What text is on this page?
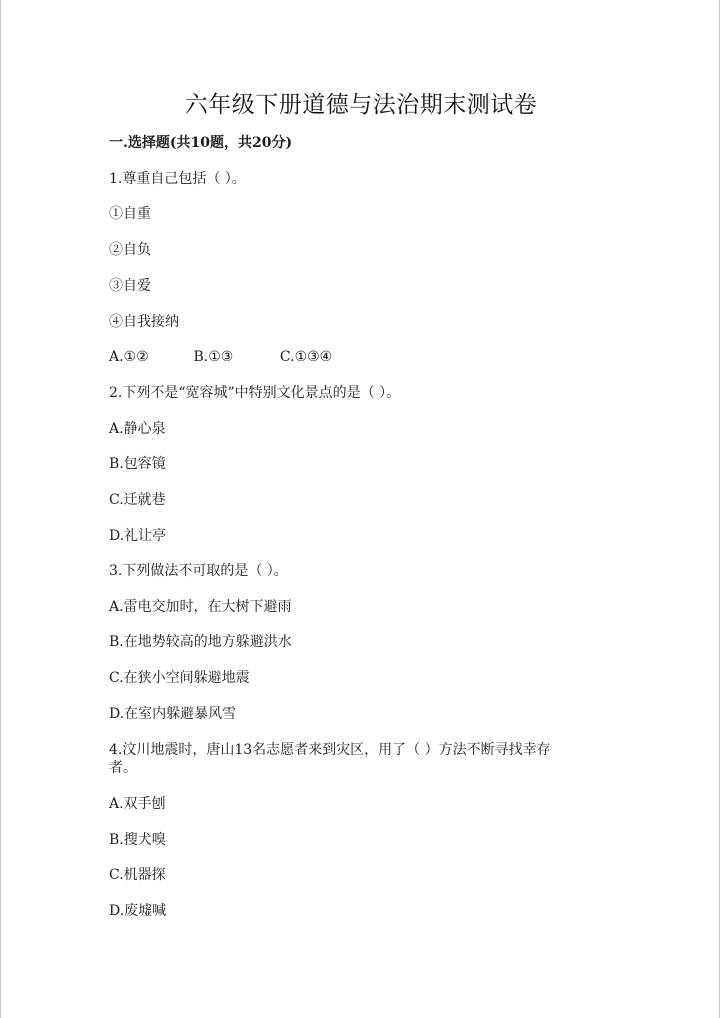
六年级下册道德与法治期末测试卷
一.选择题(共10题，共20分)
1.尊重自己包括（ ）。
①自重
②自负
③自爱
④自我接纳
A.①②	B.①③	C.①③④
2.下列不是“宽容城”中特别文化景点的是（ ）。
A.静心泉
B.包容镜
C.迁就巷
D.礼让亭
3.下列做法不可取的是（ ）。
A.雷电交加时，在大树下避雨
B.在地势较高的地方躲避洪水
C.在狭小空间躲避地震
D.在室内躲避暴风雪
4.汶川地震时，唐山13名志愿者来到灾区，用了（ ）方法不断寻找幸存
者。
A.双手刨
B.搜犬嗅
C.机器探
D.废墟喊
